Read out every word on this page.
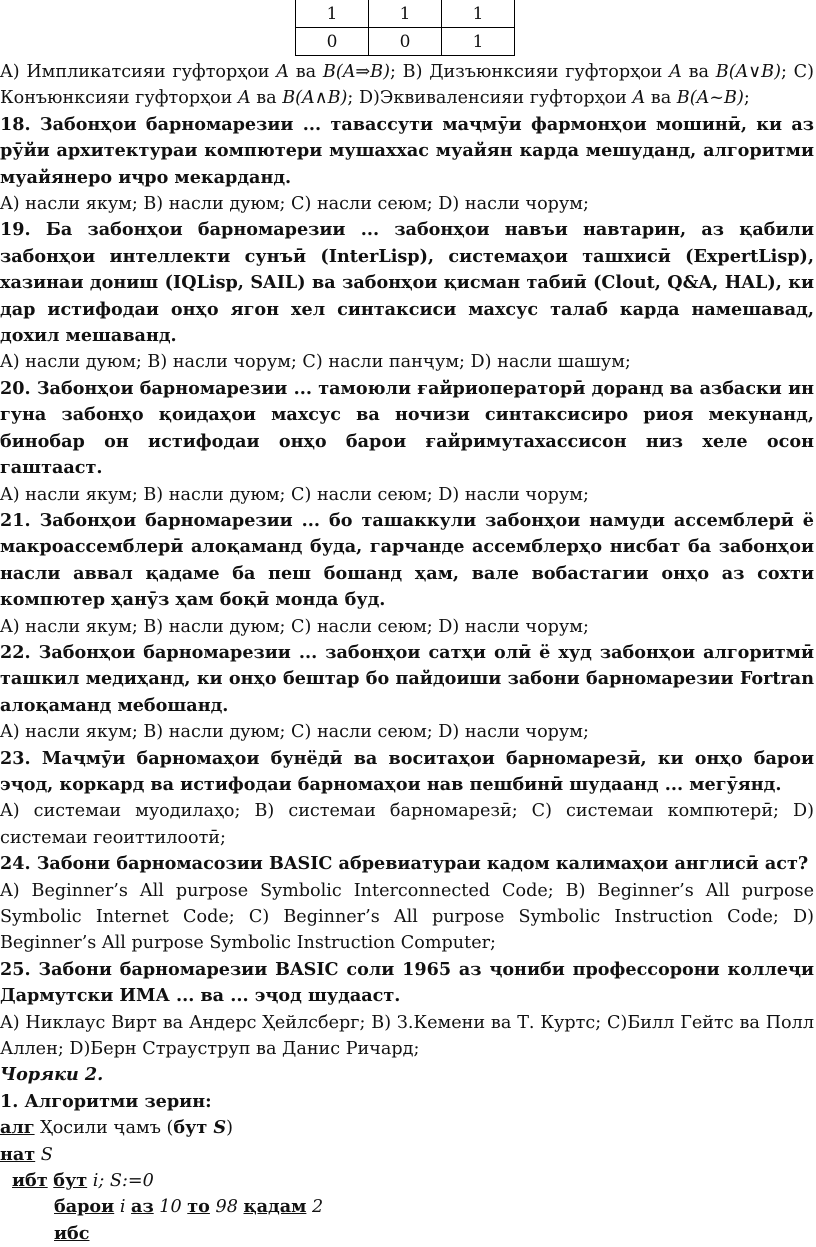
1	1	1
0	0	1

A) Импликатсияи гуфторҳои A ва B(A⇒B); B) Дизъюнксияи гуфторҳои A ва B(A∨B); C) Конъюнксияи гуфторҳои A ва B(A∧B); D)Эквиваленсияи гуфторҳои A ва B(A~B);

18. Забонҳои барномарезии ... тавассути маҷмӯи фармонҳои мошинӣ, ки аз рӯйи архитектураи компютери мушаххас муайян карда мешуданд, алгоритми муайянеро иҷро мекарданд.

A) насли якум; B) насли дуюм; C) насли сеюм; D) насли чорум;

19. Ба забонҳои барномарезии ... забонҳои навъи навтарин, аз қабили забонҳои интеллекти сунъӣ (InterLisp), системаҳои ташхисӣ (ExpertLisp), хазинаи дониш (IQLisp, SAIL) ва забонҳои қисман табиӣ (Clout, Q&A, HAL), ки дар истифодаи онҳо ягон хел синтаксиси махсус талаб карда намешавад, дохил мешаванд.

A) насли дуюм; B) насли чорум; C) насли панҷум; D) насли шашум;

20. Забонҳои барномарезии ... тамоюли ғайриоператорӣ доранд ва азбаски ин гуна забонҳо қоидаҳои махсус ва ночизи синтаксисиро риоя мекунанд, бинобар он истифодаи онҳо барои ғайримутахассисон низ хеле осон гаштааст.

A) насли якум; B) насли дуюм; C) насли сеюм; D) насли чорум;

21. Забонҳои барномарезии ... бо ташаккули забонҳои намуди ассемблерӣ ё макроассемблерӣ алоқаманд буда, гарчанде ассемблерҳо нисбат ба забонҳои насли аввал қадаме ба пеш бошанд ҳам, вале вобастагии онҳо аз сохти компютер ҳанӯз ҳам боқӣ монда буд.

A) насли якум; B) насли дуюм; C) насли сеюм; D) насли чорум;

22. Забонҳои барномарезии ... забонҳои сатҳи олӣ ё худ забонҳои алгоритмӣ ташкил медиҳанд, ки онҳо бештар бо пайдоиши забони барномарезии Fortran алоқаманд мебошанд.

A) насли якум; B) насли дуюм; C) насли сеюм; D) насли чорум;

23. Маҷмӯи барномаҳои бунёдӣ ва воситаҳои барномарезӣ, ки онҳо барои эҷод, коркард ва истифодаи барномаҳои нав пешбинӣ шудаанд ... мегӯянд.

A) системаи муодилаҳо; B) системаи барномарезӣ; C) системаи компютерӣ; D) системаи геоиттилоотӣ;

24. Забони барномасозии BASIC абревиатураи кадом калимаҳои англисӣ аст?

A) Beginner’s All purpose Symbolic Interconnected Code; B) Beginner’s All purpose Symbolic Internet Code; C) Beginner’s All purpose Symbolic Instruction Code; D) Beginner’s All purpose Symbolic Instruction Computer;

25. Забони барномарезии BASIC соли 1965 аз ҷониби профессорони коллеҷи Дармутски ИМА ... ва ... эҷод шудааст.

A) Никлаус Вирт ва Андерс Ҳейлсберг; B) З.Кемени ва Т. Куртс; C)Билл Гейтс ва Полл Аллен; D)Берн Страуструп ва Данис Ричард;

Чоряки 2.

1. Алгоритми зерин:

алг Ҳосили ҷамъ (бут S)

нат S

ибт бут i; S:=0

барои i аз 10 то 98 қадам 2

ибс
